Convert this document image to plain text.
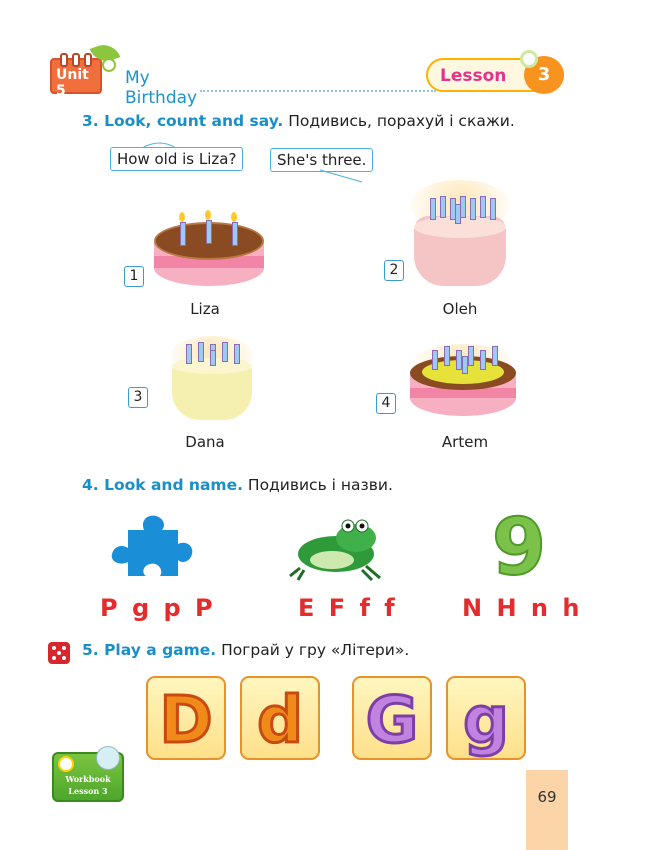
Unit 5
My Birthday
Lesson	3
3. Look, count and say. Подивись, порахуй і скажи.
How old is Liza?	She's three.
1
Liza
2
Oleh
3
Dana
4
Artem
4. Look and name. Подивись і назви.
9
P g p P	E F f f	N H n h
5. Play a game. Пограй у гру «Літери».
D d G g
Workbook
Lesson 3	69
